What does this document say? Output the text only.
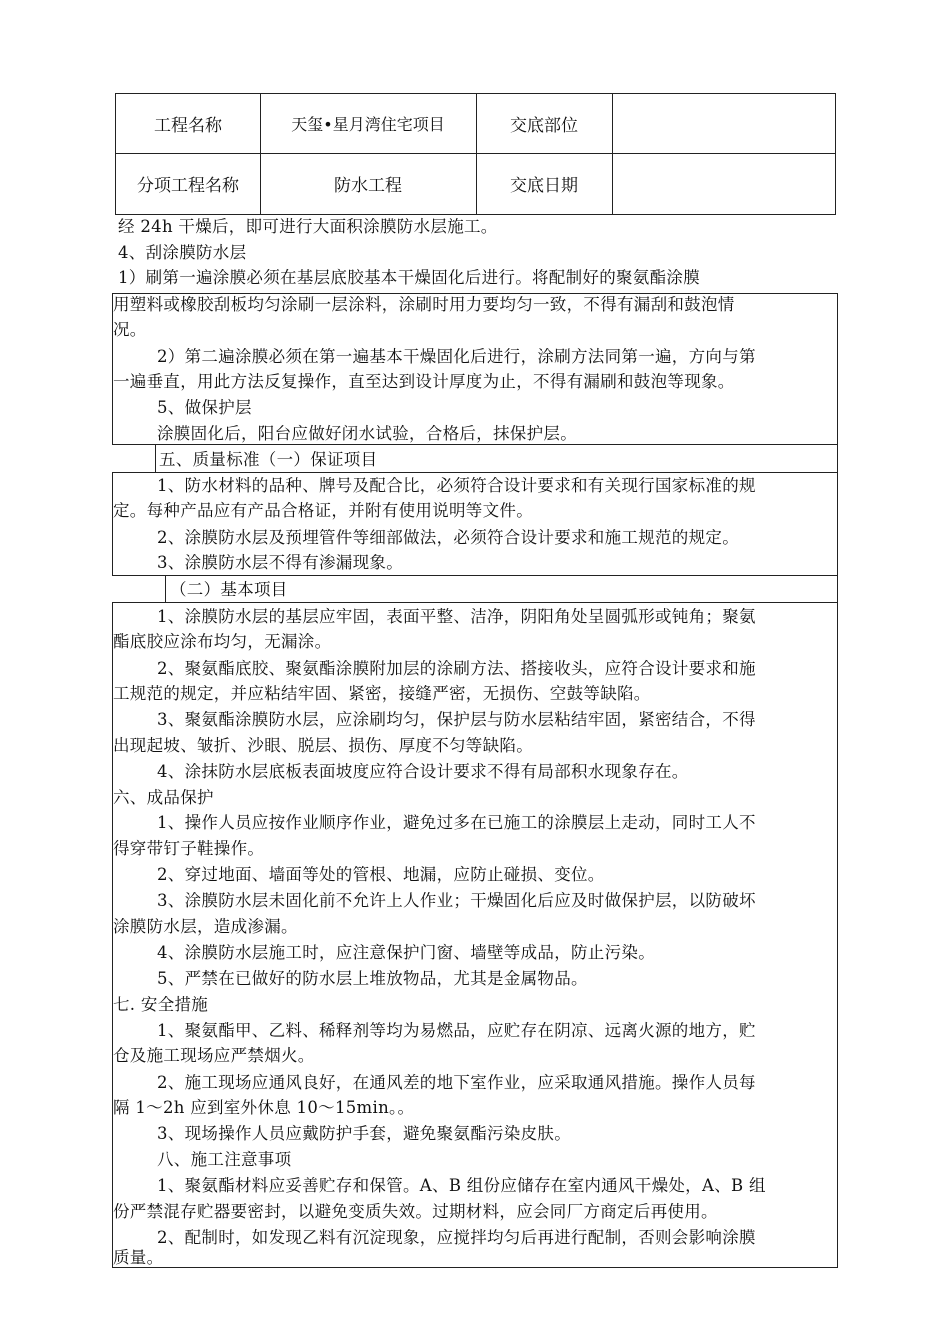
工程名称	天玺•星月湾住宅项目	交底部位
分项工程名称	防水工程	交底日期
经 24h 干燥后，即可进行大面积涂膜防水层施工。
4、刮涂膜防水层
1）刷第一遍涂膜必须在基层底胶基本干燥固化后进行。将配制好的聚氨酯涂膜
用塑料或橡胶刮板均匀涂刷一层涂料，涂刷时用力要均匀一致，不得有漏刮和鼓泡情
况。
2）第二遍涂膜必须在第一遍基本干燥固化后进行，涂刷方法同第一遍，方向与第
一遍垂直，用此方法反复操作，直至达到设计厚度为止，不得有漏刷和鼓泡等现象。
5、做保护层
涂膜固化后，阳台应做好闭水试验，合格后，抹保护层。
五、质量标准（一）保证项目
1、防水材料的品种、牌号及配合比，必须符合设计要求和有关现行国家标准的规
定。每种产品应有产品合格证，并附有使用说明等文件。
2、涂膜防水层及预埋管件等细部做法，必须符合设计要求和施工规范的规定。
3、涂膜防水层不得有渗漏现象。
（二）基本项目
1、涂膜防水层的基层应牢固，表面平整、洁净，阴阳角处呈圆弧形或钝角；聚氨
酯底胶应涂布均匀，无漏涂。
2、聚氨酯底胶、聚氨酯涂膜附加层的涂刷方法、搭接收头，应符合设计要求和施
工规范的规定，并应粘结牢固、紧密，接缝严密，无损伤、空鼓等缺陷。
3、聚氨酯涂膜防水层，应涂刷均匀，保护层与防水层粘结牢固，紧密结合，不得
出现起坡、皱折、沙眼、脱层、损伤、厚度不匀等缺陷。
4、涂抹防水层底板表面坡度应符合设计要求不得有局部积水现象存在。
六、成品保护
1、操作人员应按作业顺序作业，避免过多在已施工的涂膜层上走动，同时工人不
得穿带钉子鞋操作。
2、穿过地面、墙面等处的管根、地漏，应防止碰损、变位。
3、涂膜防水层未固化前不允许上人作业；干燥固化后应及时做保护层，以防破坏
涂膜防水层，造成渗漏。
4、涂膜防水层施工时，应注意保护门窗、墙壁等成品，防止污染。
5、严禁在已做好的防水层上堆放物品，尤其是金属物品。
七. 安全措施
1、聚氨酯甲、乙料、稀释剂等均为易燃品，应贮存在阴凉、远离火源的地方，贮
仓及施工现场应严禁烟火。
2、施工现场应通风良好，在通风差的地下室作业，应采取通风措施。操作人员每
隔 1～2h 应到室外休息 10～15min。。
3、现场操作人员应戴防护手套，避免聚氨酯污染皮肤。
八、施工注意事项
1、聚氨酯材料应妥善贮存和保管。A、B 组份应储存在室内通风干燥处，A、B 组
份严禁混存贮器要密封，以避免变质失效。过期材料，应会同厂方商定后再使用。
2、配制时，如发现乙料有沉淀现象，应搅拌均匀后再进行配制，否则会影响涂膜
质量。
